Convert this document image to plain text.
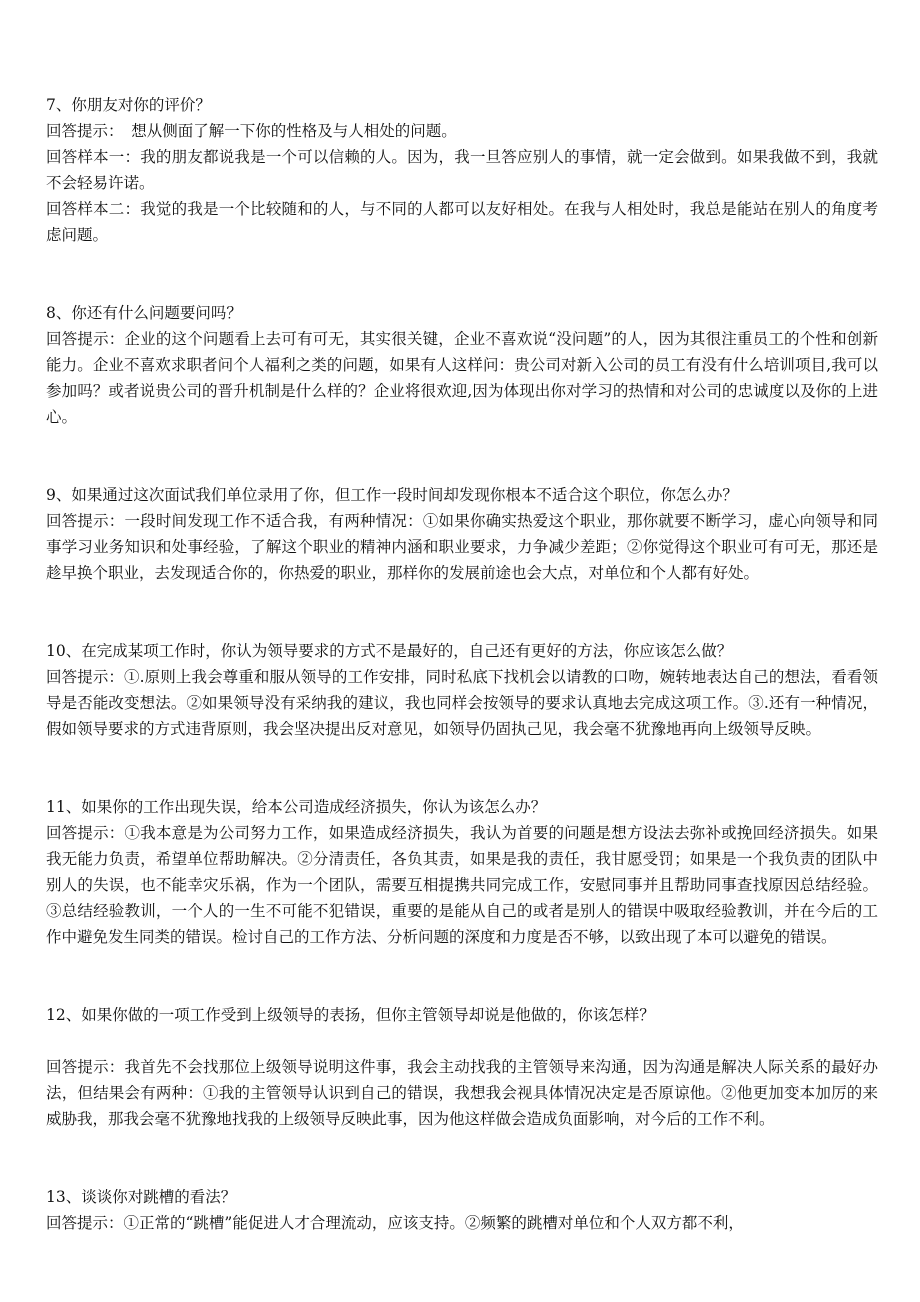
7、你朋友对你的评价？

回答提示：　想从侧面了解一下你的性格及与人相处的问题。

回答样本一：我的朋友都说我是一个可以信赖的人。因为，我一旦答应别人的事情，就一定会做到。如果我做不到，我就不会轻易许诺。

回答样本二：我觉的我是一个比较随和的人，与不同的人都可以友好相处。在我与人相处时，我总是能站在别人的角度考虑问题。

8、你还有什么问题要问吗？

回答提示：企业的这个问题看上去可有可无，其实很关键，企业不喜欢说“没问题”的人，因为其很注重员工的个性和创新能力。企业不喜欢求职者问个人福利之类的问题，如果有人这样问：贵公司对新入公司的员工有没有什么培训项目,我可以参加吗？或者说贵公司的晋升机制是什么样的？企业将很欢迎,因为体现出你对学习的热情和对公司的忠诚度以及你的上进心。

9、如果通过这次面试我们单位录用了你，但工作一段时间却发现你根本不适合这个职位，你怎么办？

回答提示：一段时间发现工作不适合我，有两种情况：①如果你确实热爱这个职业，那你就要不断学习，虚心向领导和同事学习业务知识和处事经验，了解这个职业的精神内涵和职业要求，力争减少差距；②你觉得这个职业可有可无，那还是趁早换个职业，去发现适合你的，你热爱的职业，那样你的发展前途也会大点，对单位和个人都有好处。

10、在完成某项工作时，你认为领导要求的方式不是最好的，自己还有更好的方法，你应该怎么做？

回答提示：①.原则上我会尊重和服从领导的工作安排，同时私底下找机会以请教的口吻，婉转地表达自己的想法，看看领导是否能改变想法。②如果领导没有采纳我的建议，我也同样会按领导的要求认真地去完成这项工作。③.还有一种情况，假如领导要求的方式违背原则，我会坚决提出反对意见，如领导仍固执己见，我会毫不犹豫地再向上级领导反映。

11、如果你的工作出现失误，给本公司造成经济损失，你认为该怎么办？

回答提示：①我本意是为公司努力工作，如果造成经济损失，我认为首要的问题是想方设法去弥补或挽回经济损失。如果我无能力负责，希望单位帮助解决。②分清责任，各负其责，如果是我的责任，我甘愿受罚；如果是一个我负责的团队中别人的失误，也不能幸灾乐祸，作为一个团队，需要互相提携共同完成工作，安慰同事并且帮助同事查找原因总结经验。③总结经验教训，一个人的一生不可能不犯错误，重要的是能从自己的或者是别人的错误中吸取经验教训，并在今后的工作中避免发生同类的错误。检讨自己的工作方法、分析问题的深度和力度是否不够，以致出现了本可以避免的错误。

12、如果你做的一项工作受到上级领导的表扬，但你主管领导却说是他做的，你该怎样？

回答提示：我首先不会找那位上级领导说明这件事，我会主动找我的主管领导来沟通，因为沟通是解决人际关系的最好办法，但结果会有两种：①我的主管领导认识到自己的错误，我想我会视具体情况决定是否原谅他。②他更加变本加厉的来威胁我，那我会毫不犹豫地找我的上级领导反映此事，因为他这样做会造成负面影响，对今后的工作不利。

13、谈谈你对跳槽的看法？

回答提示：①正常的“跳槽”能促进人才合理流动，应该支持。②频繁的跳槽对单位和个人双方都不利，
